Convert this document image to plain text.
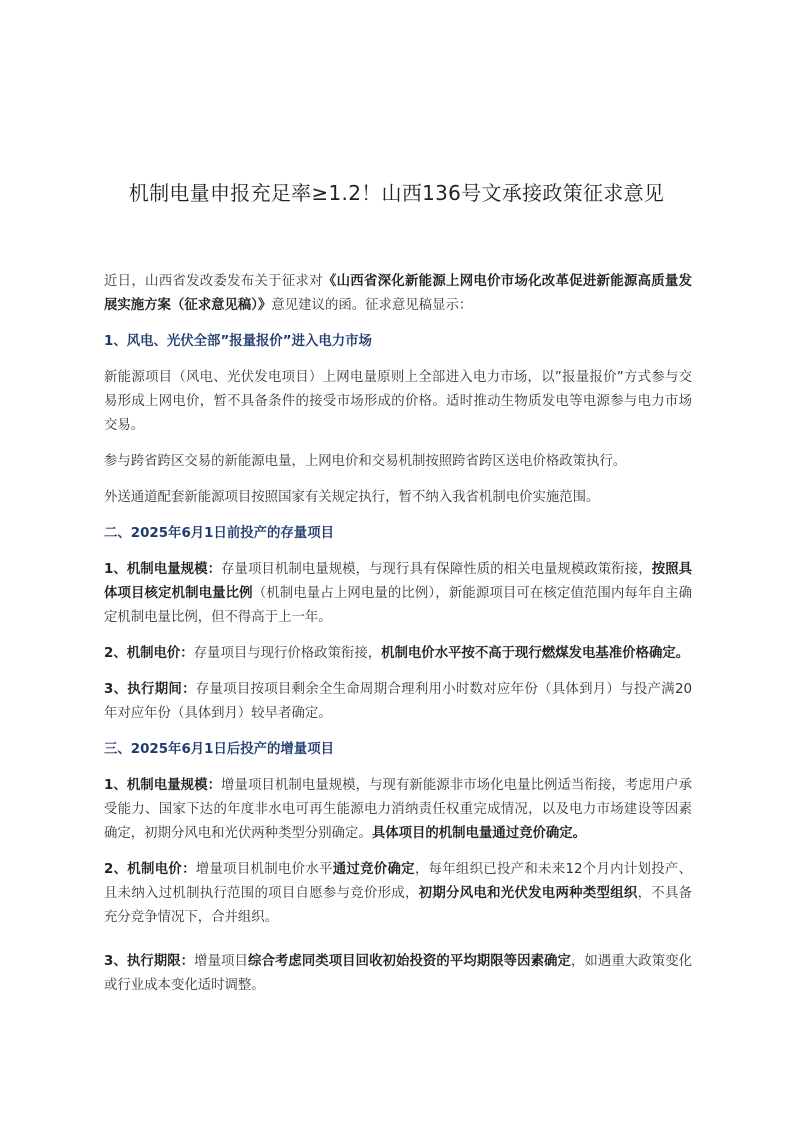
机制电量申报充足率≥1.2！山西136号文承接政策征求意见

近日，山西省发改委发布关于征求对《山西省深化新能源上网电价市场化改革促进新能源高质量发展实施方案（征求意见稿）》意见建议的函。征求意见稿显示：

1、风电、光伏全部”报量报价”进入电力市场

新能源项目（风电、光伏发电项目）上网电量原则上全部进入电力市场，以”报量报价”方式参与交易形成上网电价，暂不具备条件的接受市场形成的价格。适时推动生物质发电等电源参与电力市场交易。

参与跨省跨区交易的新能源电量，上网电价和交易机制按照跨省跨区送电价格政策执行。

外送通道配套新能源项目按照国家有关规定执行，暂不纳入我省机制电价实施范围。

二、2025年6月1日前投产的存量项目

1、机制电量规模：存量项目机制电量规模，与现行具有保障性质的相关电量规模政策衔接，按照具体项目核定机制电量比例（机制电量占上网电量的比例），新能源项目可在核定值范围内每年自主确定机制电量比例，但不得高于上一年。

2、机制电价：存量项目与现行价格政策衔接，机制电价水平按不高于现行燃煤发电基准价格确定。

3、执行期间：存量项目按项目剩余全生命周期合理利用小时数对应年份（具体到月）与投产满20年对应年份（具体到月）较早者确定。

三、2025年6月1日后投产的增量项目

1、机制电量规模：增量项目机制电量规模，与现有新能源非市场化电量比例适当衔接，考虑用户承受能力、国家下达的年度非水电可再生能源电力消纳责任权重完成情况，以及电力市场建设等因素确定，初期分风电和光伏两种类型分别确定。具体项目的机制电量通过竞价确定。

2、机制电价：增量项目机制电价水平通过竞价确定，每年组织已投产和未来12个月内计划投产、且未纳入过机制执行范围的项目自愿参与竞价形成，初期分风电和光伏发电两种类型组织，不具备充分竞争情况下，合并组织。

3、执行期限：增量项目综合考虑同类项目回收初始投资的平均期限等因素确定，如遇重大政策变化或行业成本变化适时调整。
